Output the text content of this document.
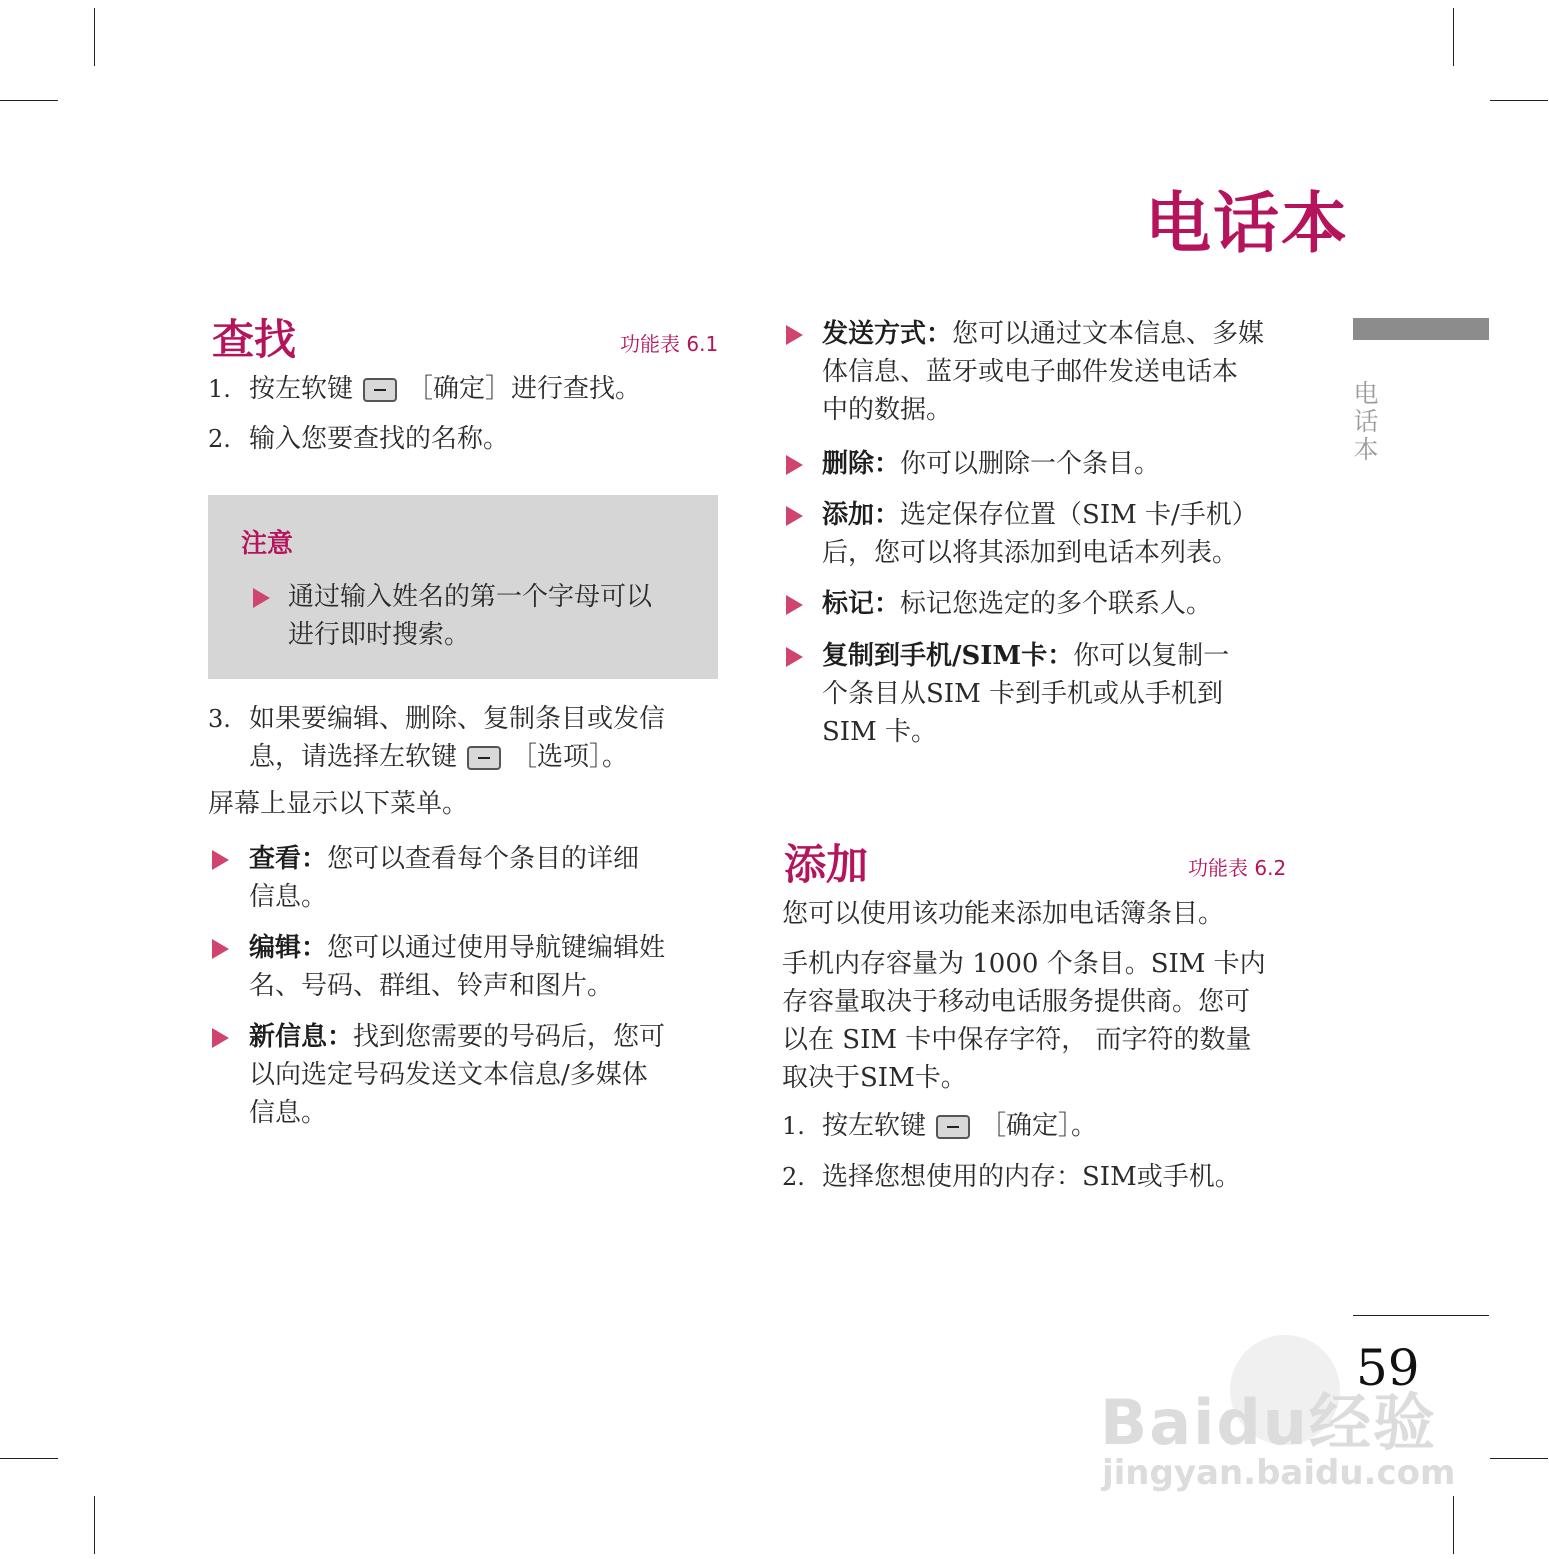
电话本
电话本
查找	功能表 6.1
1. 按左软键 ［确定］进行查找。
2. 输入您要查找的名称。
注意
通过输入姓名的第一个字母可以
进行即时搜索。
3. 如果要编辑、删除、复制条目或发信
息，请选择左软键 ［选项］。
屏幕上显示以下菜单。
查看：您可以查看每个条目的详细
信息。
编辑：您可以通过使用导航键编辑姓
名、号码、群组、铃声和图片。
新信息：找到您需要的号码后，您可
以向选定号码发送文本信息/多媒体
信息。
发送方式：您可以通过文本信息、多媒
体信息、蓝牙或电子邮件发送电话本
中的数据。
删除：你可以删除一个条目。
添加：选定保存位置（SIM 卡/手机）
后，您可以将其添加到电话本列表。
标记：标记您选定的多个联系人。
复制到手机/SIM卡：你可以复制一
个条目从SIM 卡到手机或从手机到
SIM 卡。
添加	功能表 6.2
您可以使用该功能来添加电话簿条目。
手机内存容量为 1000 个条目。SIM 卡内
存容量取决于移动电话服务提供商。您可
以在 SIM 卡中保存字符， 而字符的数量
取决于SIM卡。
1. 按左软键 ［确定］。
2. 选择您想使用的内存：SIM或手机。
Baidu经验
jingyan.baidu.com
59
